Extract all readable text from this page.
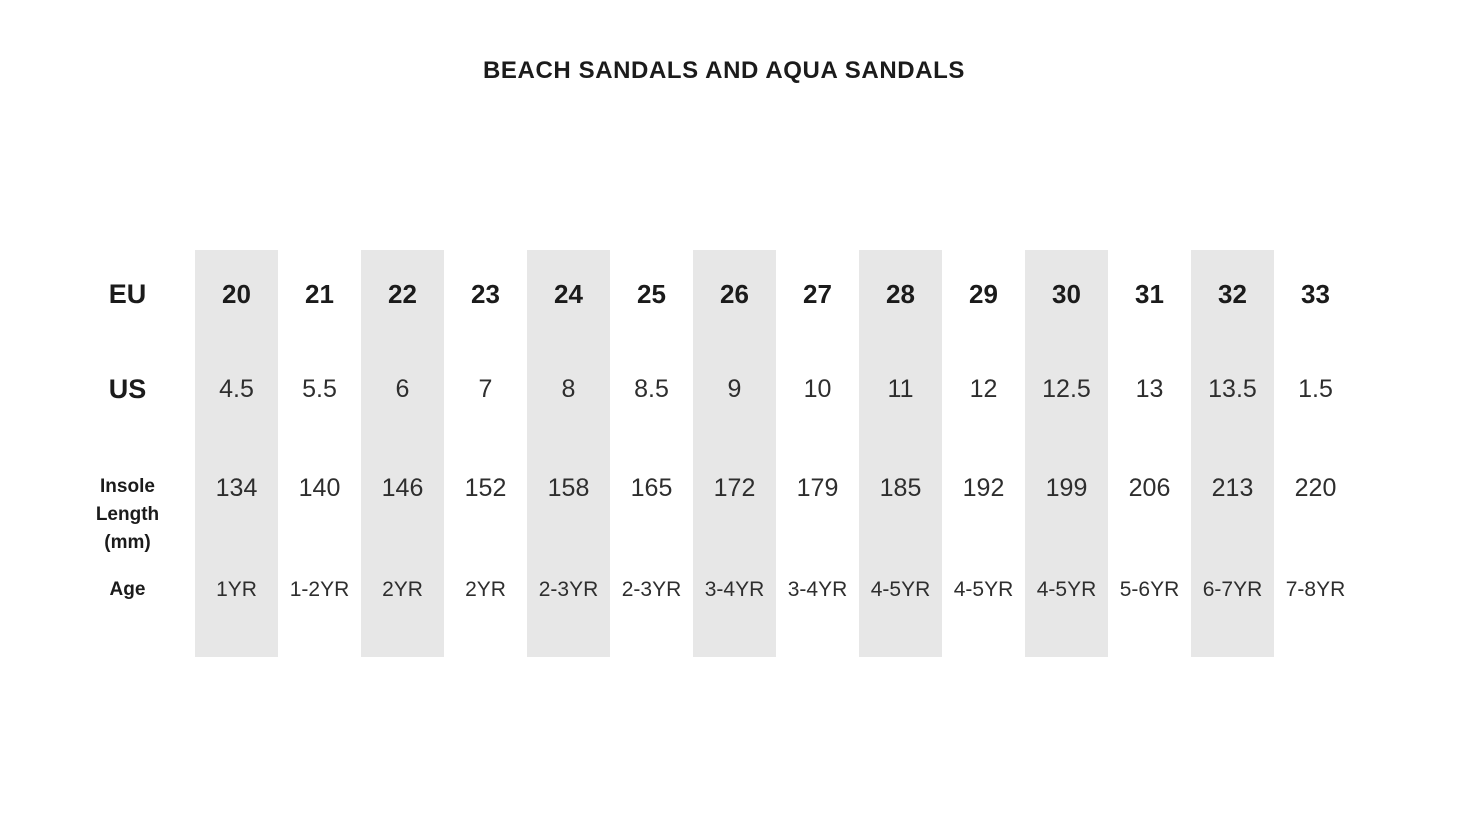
BEACH SANDALS AND AQUA SANDALS
EU	20 21 22 23 24 25 26 27 28 29 30 31 32 33
US	4.5 5.5 6	7	8 8.5 9 10 11 12 12.5 13 13.5 1.5
Insole
Length
(mm)
134 140 146 152 158 165 172 179 185 192 199 206 213 220
Age	1YR 1-2YR 2YR 2YR 2-3YR 2-3YR 3-4YR 3-4YR 4-5YR 4-5YR 4-5YR 5-6YR 6-7YR 7-8YR
